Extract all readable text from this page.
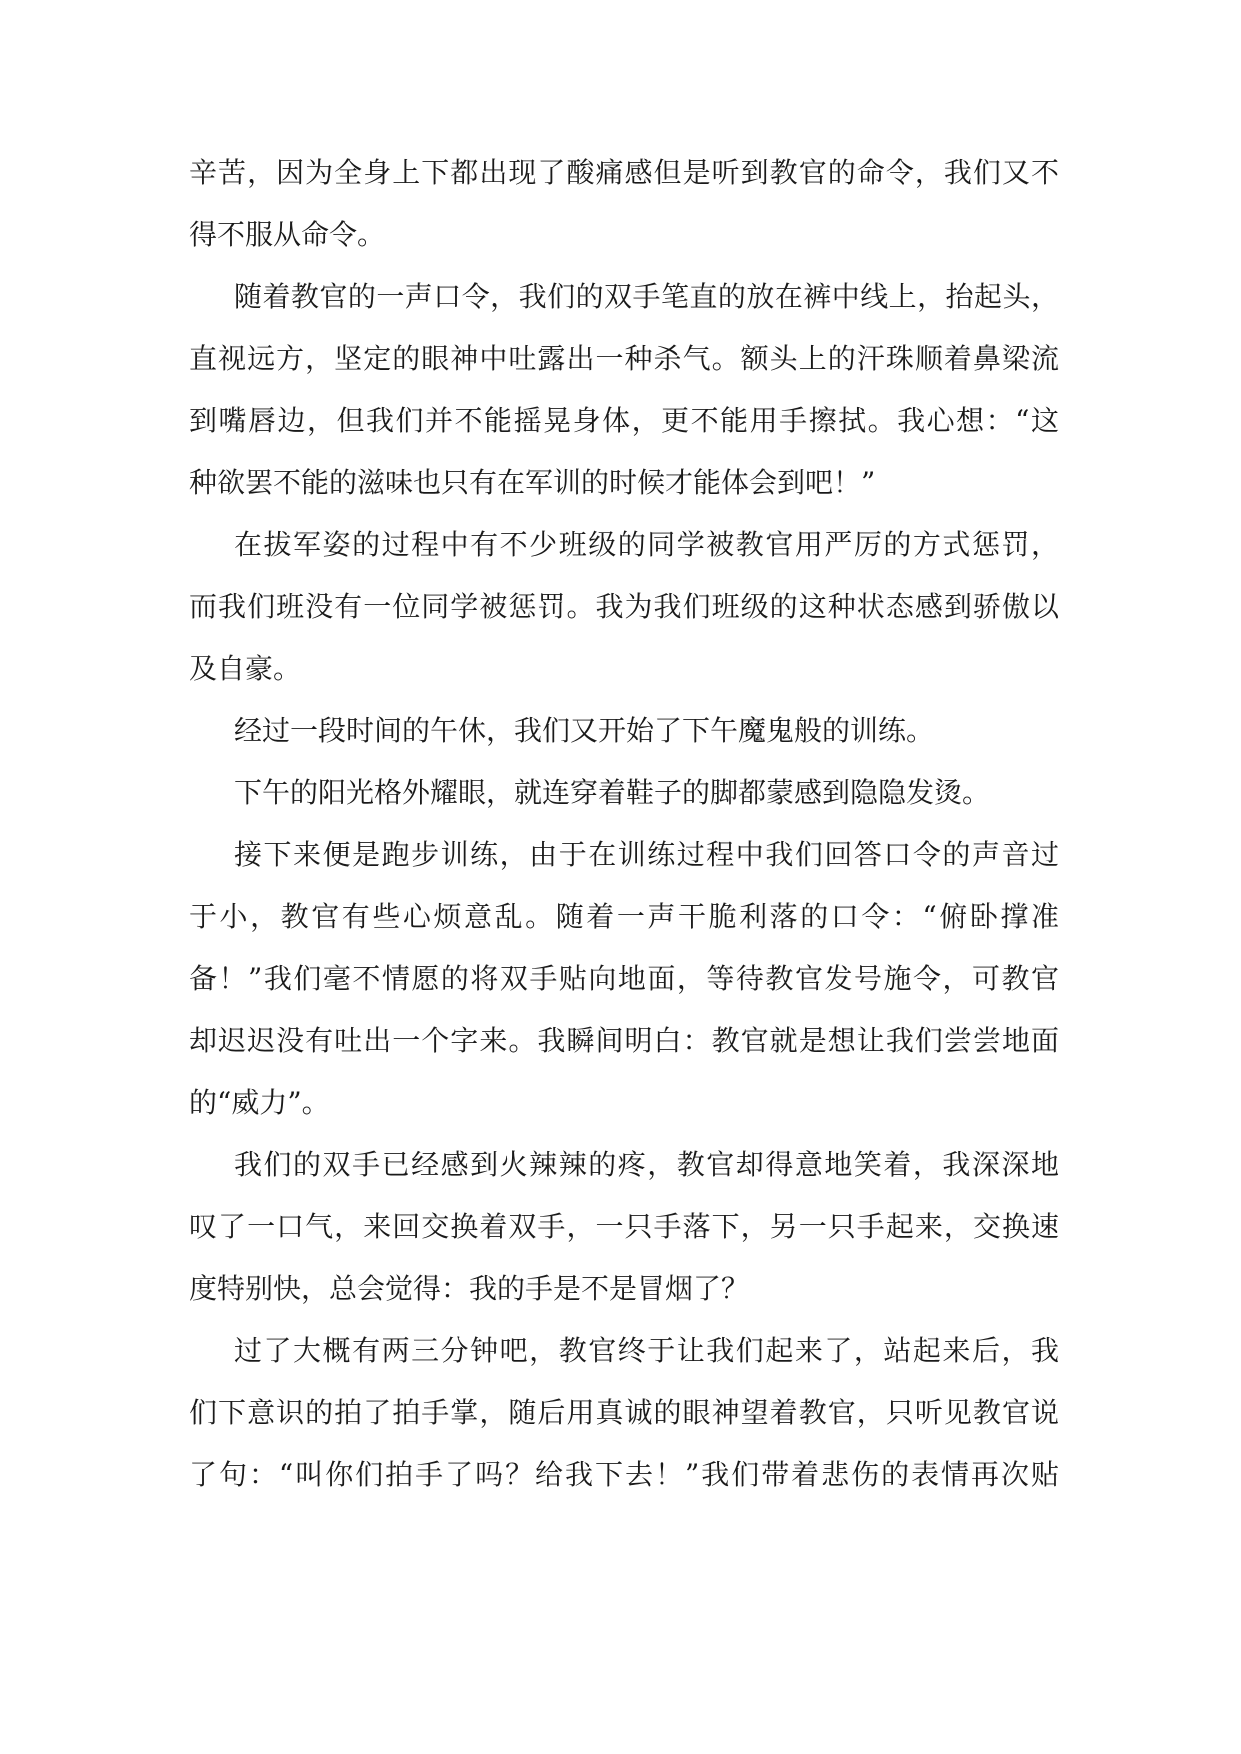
辛苦，因为全身上下都出现了酸痛感但是听到教官的命令，我们又不
得不服从命令。
随着教官的一声口令，我们的双手笔直的放在裤中线上，抬起头，
直视远方，坚定的眼神中吐露出一种杀气。额头上的汗珠顺着鼻梁流
到嘴唇边，但我们并不能摇晃身体，更不能用手擦拭。我心想：“这
种欲罢不能的滋味也只有在军训的时候才能体会到吧！”
在拔军姿的过程中有不少班级的同学被教官用严厉的方式惩罚，
而我们班没有一位同学被惩罚。我为我们班级的这种状态感到骄傲以
及自豪。
经过一段时间的午休，我们又开始了下午魔鬼般的训练。
下午的阳光格外耀眼，就连穿着鞋子的脚都蒙感到隐隐发烫。
接下来便是跑步训练，由于在训练过程中我们回答口令的声音过
于小，教官有些心烦意乱。随着一声干脆利落的口令：“俯卧撑准
备！”我们毫不情愿的将双手贴向地面，等待教官发号施令，可教官
却迟迟没有吐出一个字来。我瞬间明白：教官就是想让我们尝尝地面
的“威力”。
我们的双手已经感到火辣辣的疼，教官却得意地笑着，我深深地
叹了一口气，来回交换着双手，一只手落下，另一只手起来，交换速
度特别快，总会觉得：我的手是不是冒烟了？
过了大概有两三分钟吧，教官终于让我们起来了，站起来后，我
们下意识的拍了拍手掌，随后用真诚的眼神望着教官，只听见教官说
了句：“叫你们拍手了吗？给我下去！”我们带着悲伤的表情再次贴
